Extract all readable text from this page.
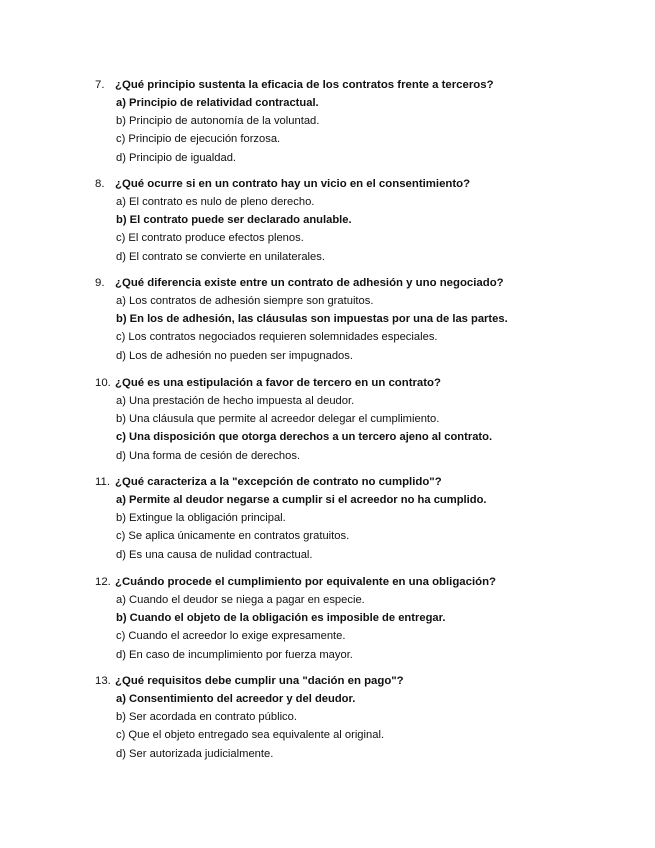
7. ¿Qué principio sustenta la eficacia de los contratos frente a terceros?
a) Principio de relatividad contractual.
b) Principio de autonomía de la voluntad.
c) Principio de ejecución forzosa.
d) Principio de igualdad.
8. ¿Qué ocurre si en un contrato hay un vicio en el consentimiento?
a) El contrato es nulo de pleno derecho.
b) El contrato puede ser declarado anulable.
c) El contrato produce efectos plenos.
d) El contrato se convierte en unilaterales.
9. ¿Qué diferencia existe entre un contrato de adhesión y uno negociado?
a) Los contratos de adhesión siempre son gratuitos.
b) En los de adhesión, las cláusulas son impuestas por una de las partes.
c) Los contratos negociados requieren solemnidades especiales.
d) Los de adhesión no pueden ser impugnados.
10. ¿Qué es una estipulación a favor de tercero en un contrato?
a) Una prestación de hecho impuesta al deudor.
b) Una cláusula que permite al acreedor delegar el cumplimiento.
c) Una disposición que otorga derechos a un tercero ajeno al contrato.
d) Una forma de cesión de derechos.
11. ¿Qué caracteriza a la "excepción de contrato no cumplido"?
a) Permite al deudor negarse a cumplir si el acreedor no ha cumplido.
b) Extingue la obligación principal.
c) Se aplica únicamente en contratos gratuitos.
d) Es una causa de nulidad contractual.
12. ¿Cuándo procede el cumplimiento por equivalente en una obligación?
a) Cuando el deudor se niega a pagar en especie.
b) Cuando el objeto de la obligación es imposible de entregar.
c) Cuando el acreedor lo exige expresamente.
d) En caso de incumplimiento por fuerza mayor.
13. ¿Qué requisitos debe cumplir una "dación en pago"?
a) Consentimiento del acreedor y del deudor.
b) Ser acordada en contrato público.
c) Que el objeto entregado sea equivalente al original.
d) Ser autorizada judicialmente.
